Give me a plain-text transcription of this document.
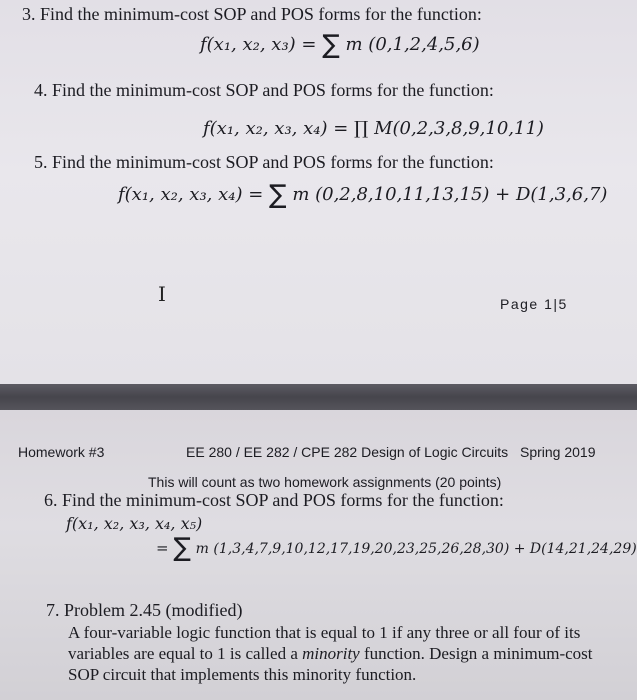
3. Find the minimum-cost SOP and POS forms for the function:
f(x₁, x₂, x₃) = ∑ m (0,1,2,4,5,6)
4. Find the minimum-cost SOP and POS forms for the function:
f(x₁, x₂, x₃, x₄) = ∏ M(0,2,3,8,9,10,11)
5. Find the minimum-cost SOP and POS forms for the function:
f(x₁, x₂, x₃, x₄) = ∑ m (0,2,8,10,11,13,15) + D(1,3,6,7)
I	Page 1|5
Homework #3	EE 280 / EE 282 / CPE 282 Design of Logic Circuits Spring 2019
This will count as two homework assignments (20 points)
6. Find the minimum-cost SOP and POS forms for the function:
f(x₁, x₂, x₃, x₄, x₅)
= ∑ m (1,3,4,7,9,10,12,17,19,20,23,25,26,28,30) + D(14,21,24,29)
7. Problem 2.45 (modified)
A four-variable logic function that is equal to 1 if any three or all four of its variables are equal to 1 is called a minority function. Design a minimum-cost SOP circuit that implements this minority function.
